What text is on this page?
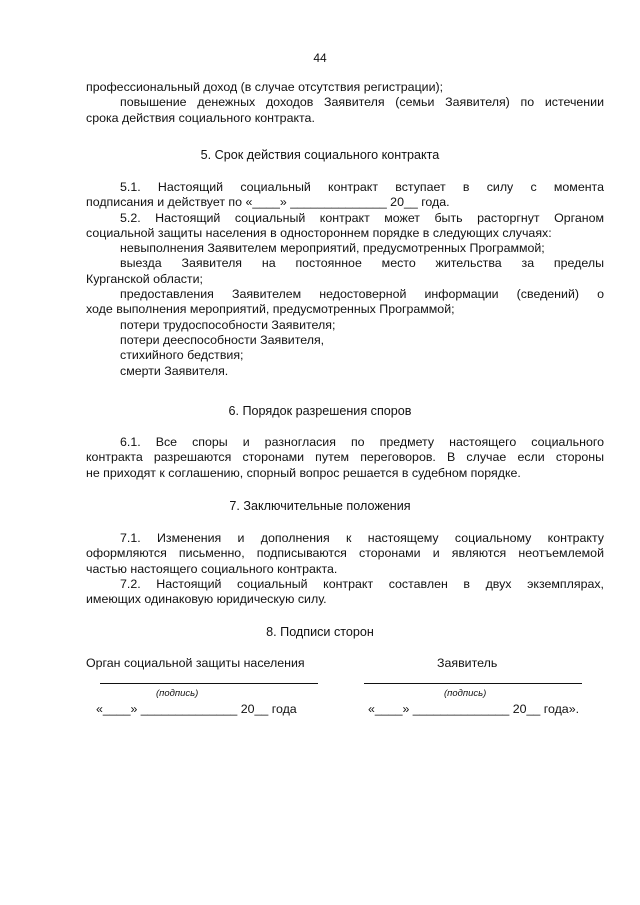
44
профессиональный доход (в случае отсутствия регистрации);
повышение денежных доходов Заявителя (семьи Заявителя) по истечении
срока действия социального контракта.
5. Срок действия социального контракта
5.1. Настоящий социальный контракт вступает в силу с момента
подписания и действует по «____» ______________ 20__ года.
5.2. Настоящий социальный контракт может быть расторгнут Органом
социальной защиты населения в одностороннем порядке в следующих случаях:
невыполнения Заявителем мероприятий, предусмотренных Программой;
выезда Заявителя на постоянное место жительства за пределы
Курганской области;
предоставления Заявителем недостоверной информации (сведений) о
ходе выполнения мероприятий, предусмотренных Программой;
потери трудоспособности Заявителя;
потери дееспособности Заявителя,
стихийного бедствия;
смерти Заявителя.
6. Порядок разрешения споров
6.1. Все споры и разногласия по предмету настоящего социального
контракта разрешаются сторонами путем переговоров. В случае если стороны
не приходят к соглашению, спорный вопрос решается в судебном порядке.
7. Заключительные положения
7.1. Изменения и дополнения к настоящему социальному контракту
оформляются письменно, подписываются сторонами и являются неотъемлемой
частью настоящего социального контракта.
7.2. Настоящий социальный контракт составлен в двух экземплярах,
имеющих одинаковую юридическую силу.
8. Подписи сторон
Орган социальной защиты населения	Заявитель
(подпись)	(подпись)
«____» ______________ 20__ года	«____» ______________ 20__ года».
